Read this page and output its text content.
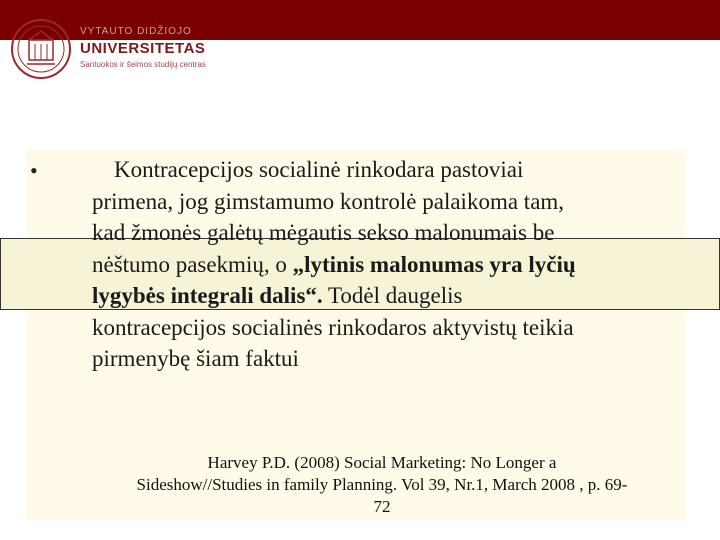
VYTAUTO DIDŽIOJO
UNIVERSITETAS
Santuokos ir šeimos studijų centras
•	Kontracepcijos socialinė rinkodara pastoviai

primena, jog gimstamumo kontrolė palaikoma tam,

kad žmonės galėtų mėgautis sekso malonumais be

nėštumo pasekmių, o „lytinis malonumas yra lyčių

lygybės integrali dalis“. Todėl daugelis

kontracepcijos socialinės rinkodaros aktyvistų teikia

pirmenybę šiam faktui

Harvey P.D. (2008) Social Marketing: No Longer a

Sideshow//Studies in family Planning. Vol 39, Nr.1, March 2008 , p. 69-

72
